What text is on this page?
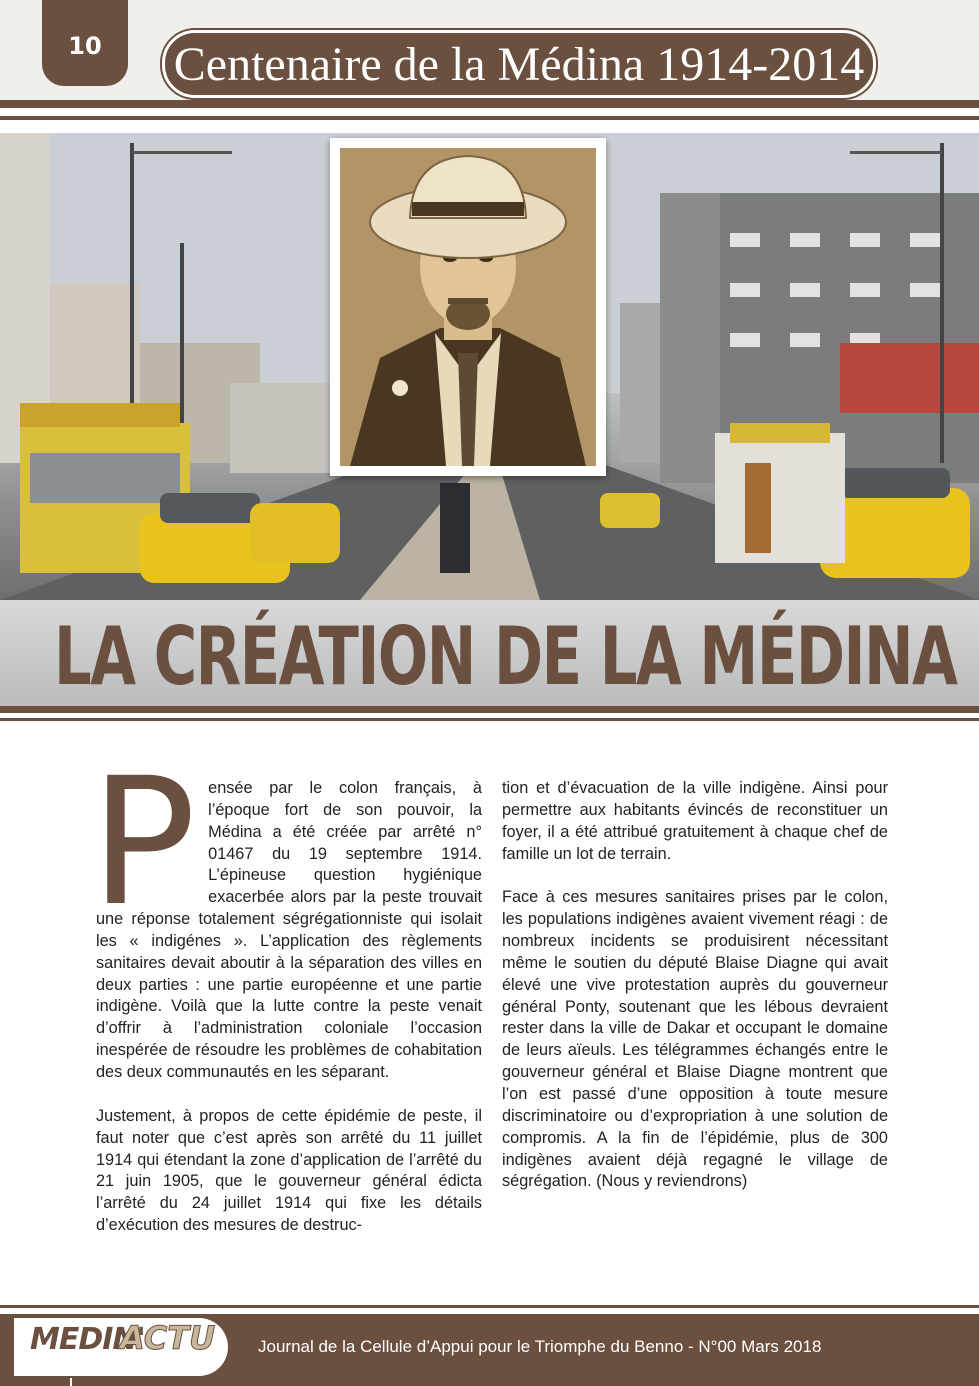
10	Centenaire de la Médina 1914-2014
LA CRÉATION DE LA MÉDINA

Pensée par le colon français, à l’époque fort de son pouvoir, la Médina a été créée par arrêté n° 01467 du 19 septembre 1914. L’épineuse question hygiénique exacerbée alors par la peste trouvait une réponse totalement ségrégationniste qui isolait les « indigénes ». L’application des règlements sanitaires devait aboutir à la séparation des villes en deux parties : une partie européenne et une partie indigène. Voilà que la lutte contre la peste venait d’offrir à l’administration coloniale l’occasion inespérée de résoudre les problèmes de cohabitation des deux communautés en les séparant.

Justement, à propos de cette épidémie de peste, il faut noter que c’est après son arrêté du 11 juillet 1914 qui étendant la zone d’application de l’arrêté du 21 juin 1905, que le gouverneur général édicta l’arrêté du 24 juillet 1914 qui fixe les détails d’exécution des mesures de destruc-

tion et d’évacuation de la ville indigène. Ainsi pour permettre aux habitants évincés de reconstituer un foyer, il a été attribué gratuitement à chaque chef de famille un lot de terrain.

Face à ces mesures sanitaires prises par le colon, les populations indigènes avaient vivement réagi : de nombreux incidents se produisirent nécessitant même le soutien du député Blaise Diagne qui avait élevé une vive protestation auprès du gouverneur général Ponty, soutenant que les lébous devraient rester dans la ville de Dakar et occupant le domaine de leurs aïeuls. Les télégrammes échangés entre le gouverneur général et Blaise Diagne montrent que l’on est passé d’une opposition à toute mesure discriminatoire ou d’expropriation à une solution de compromis. A la fin de l’épidémie, plus de 300 indigènes avaient déjà regagné le village de ségrégation. (Nous y reviendrons)

MEDIN'
ACTU	Journal de la Cellule d’Appui pour le Triomphe du Benno - N°00 Mars 2018
